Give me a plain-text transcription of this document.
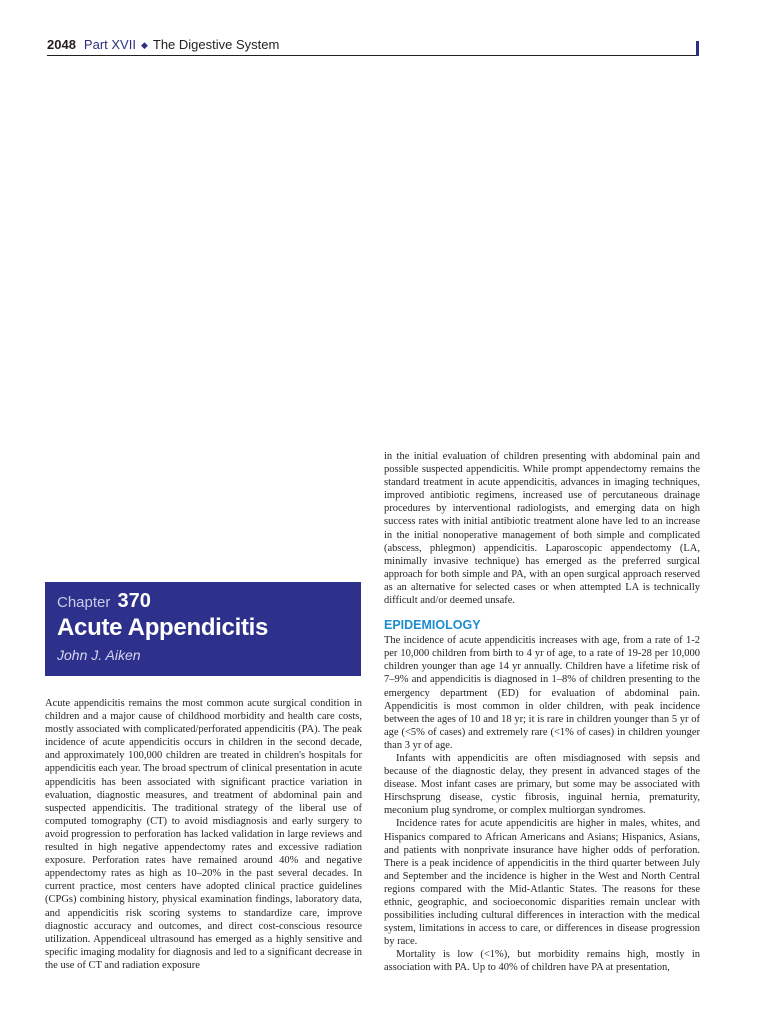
2048 Part XVII ◆ The Digestive System
Chapter 370
Acute Appendicitis
John J. Aiken

Acute appendicitis remains the most common acute surgical condition in children and a major cause of childhood morbidity and health care costs, mostly associated with complicated/perforated appendicitis (PA). The peak incidence of acute appendicitis occurs in children in the second decade, and approximately 100,000 children are treated in children's hospitals for appendicitis each year. The broad spectrum of clinical presentation in acute appendicitis has been associated with significant practice variation in evaluation, diagnostic measures, and treatment of abdominal pain and suspected appendicitis. The traditional strategy of the liberal use of computed tomography (CT) to avoid misdiagnosis and early surgery to avoid progression to perforation has lacked validation in large reviews and resulted in high negative appendectomy rates and excessive radiation exposure. Perforation rates have remained around 40% and negative appendectomy rates as high as 10–20% in the past several decades. In current practice, most centers have adopted clinical practice guidelines (CPGs) combining history, physical examination findings, laboratory data, and appendicitis risk scoring systems to standardize care, improve diagnostic accuracy and outcomes, and direct cost-conscious resource utilization. Appendiceal ultrasound has emerged as a highly sensitive and specific imaging modality for diagnosis and led to a significant decrease in the use of CT and radiation exposure

in the initial evaluation of children presenting with abdominal pain and possible suspected appendicitis. While prompt appendectomy remains the standard treatment in acute appendicitis, advances in imaging techniques, improved antibiotic regimens, increased use of percutaneous drainage procedures by interventional radiologists, and emerging data on high success rates with initial antibiotic treatment alone have led to an increase in the initial nonoperative management of both simple and complicated (abscess, phlegmon) appendicitis. Laparoscopic appendectomy (LA, minimally invasive technique) has emerged as the preferred surgical approach for both simple and PA, with an open surgical approach reserved as an alternative for selected cases or when attempted LA is technically difficult and/or deemed unsafe.

EPIDEMIOLOGY

The incidence of acute appendicitis increases with age, from a rate of 1-2 per 10,000 children from birth to 4 yr of age, to a rate of 19-28 per 10,000 children younger than age 14 yr annually. Children have a lifetime risk of 7–9% and appendicitis is diagnosed in 1–8% of children presenting to the emergency department (ED) for evaluation of abdominal pain. Appendicitis is most common in older children, with peak incidence between the ages of 10 and 18 yr; it is rare in children younger than 5 yr of age (<5% of cases) and extremely rare (<1% of cases) in children younger than 3 yr of age.

Infants with appendicitis are often misdiagnosed with sepsis and because of the diagnostic delay, they present in advanced stages of the disease. Most infant cases are primary, but some may be associated with Hirschsprung disease, cystic fibrosis, inguinal hernia, prematurity, meconium plug syndrome, or complex multiorgan syndromes.

Incidence rates for acute appendicitis are higher in males, whites, and Hispanics compared to African Americans and Asians; Hispanics, Asians, and patients with nonprivate insurance have higher odds of perforation. There is a peak incidence of appendicitis in the third quarter between July and September and the incidence is higher in the West and North Central regions compared with the Mid-Atlantic States. The reasons for these ethnic, geographic, and socioeconomic disparities remain unclear with possibilities including cultural differences in interaction with the medical system, limitations in access to care, or differences in disease progression by race.

Mortality is low (<1%), but morbidity remains high, mostly in association with PA. Up to 40% of children have PA at presentation,
